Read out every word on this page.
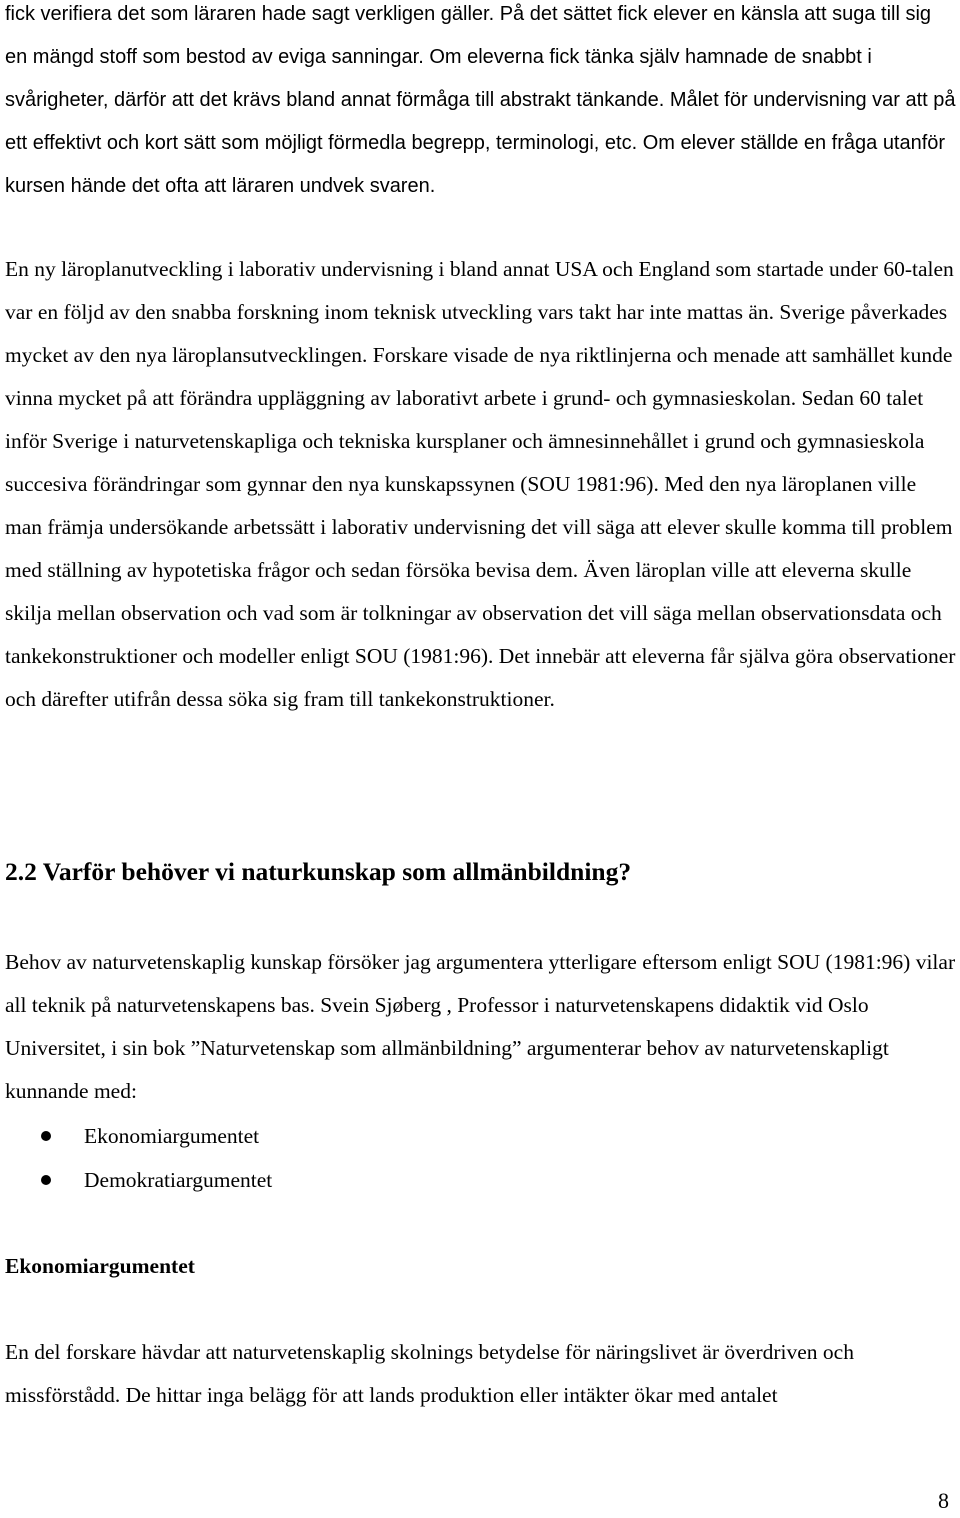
fick verifiera det som läraren hade sagt verkligen gäller. På det sättet fick elever en känsla att suga till sig en mängd stoff som bestod av eviga sanningar. Om eleverna fick tänka själv hamnade de snabbt i svårigheter, därför att det krävs bland annat förmåga till abstrakt tänkande. Målet för undervisning var att på ett effektivt och kort sätt som möjligt förmedla begrepp, terminologi, etc. Om elever ställde en fråga utanför kursen hände det ofta att läraren undvek svaren.

En ny läroplanutveckling i laborativ undervisning i bland annat USA och England som startade under 60-talen var en följd av den snabba forskning inom teknisk utveckling vars takt har inte mattas än. Sverige påverkades mycket av den nya läroplansutvecklingen. Forskare visade de nya riktlinjerna och menade att samhället kunde vinna mycket på att förändra uppläggning av laborativt arbete i grund- och gymnasieskolan. Sedan 60 talet inför Sverige i naturvetenskapliga och tekniska kursplaner och ämnesinnehållet i grund och gymnasieskola succesiva förändringar som gynnar den nya kunskapssynen (SOU 1981:96). Med den nya läroplanen ville man främja undersökande arbetssätt i laborativ undervisning det vill säga att elever skulle komma till problem med ställning av hypotetiska frågor och sedan försöka bevisa dem. Även läroplan ville att eleverna skulle skilja mellan observation och vad som är tolkningar av observation det vill säga mellan observationsdata och tankekonstruktioner och modeller enligt SOU (1981:96). Det innebär att eleverna får själva göra observationer och därefter utifrån dessa söka sig fram till tankekonstruktioner.

2.2 Varför behöver vi naturkunskap som allmänbildning?

Behov av naturvetenskaplig kunskap försöker jag argumentera ytterligare eftersom enligt SOU (1981:96) vilar all teknik på naturvetenskapens bas. Svein Sjøberg , Professor i naturvetenskapens didaktik vid Oslo Universitet, i sin bok ”Naturvetenskap som allmänbildning” argumenterar behov av naturvetenskapligt kunnande med:

Ekonomiargumentet
Demokratiargumentet
Ekonomiargumentet

En del forskare hävdar att naturvetenskaplig skolnings betydelse för näringslivet är överdriven och missförstådd. De hittar inga belägg för att lands produktion eller intäkter ökar med antalet

8
